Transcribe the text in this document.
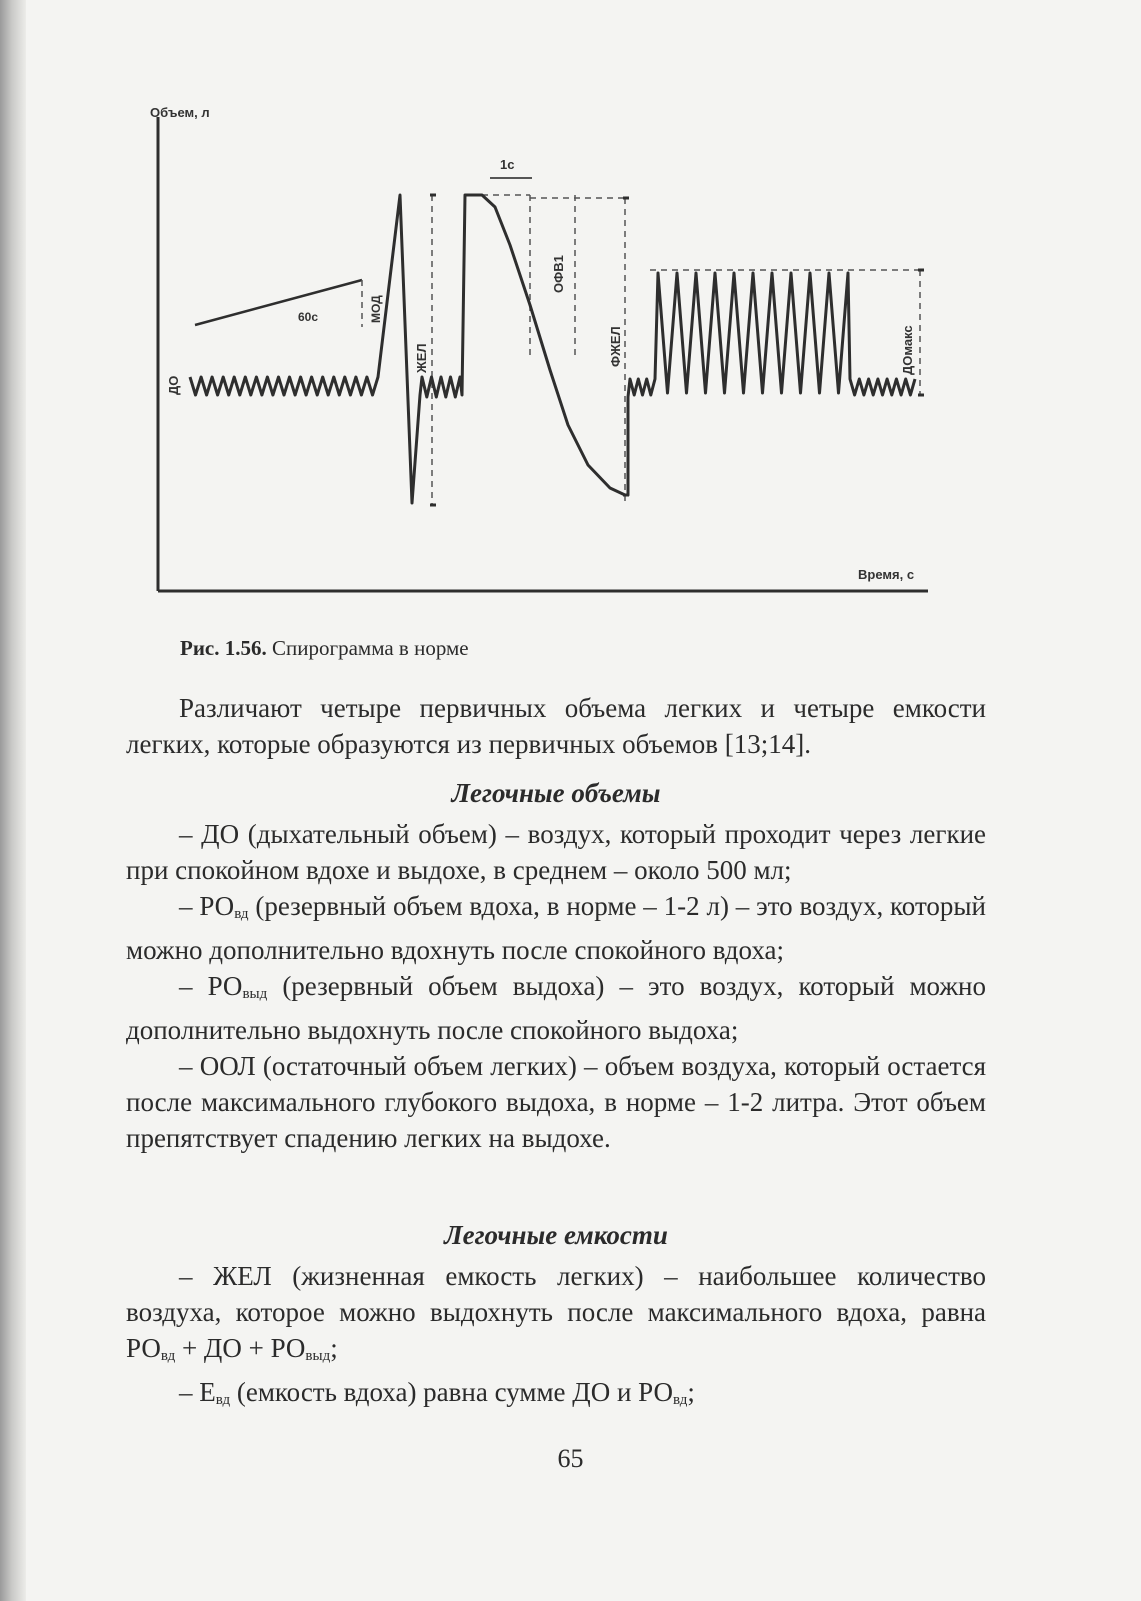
Объем, л
Время, с
1с
60с
ДО
МОД
ЖЕЛ
ОФВ1
ФЖЕЛ	ДОмакс
Рис. 1.56. Спирограмма в норме

Различают четыре первичных объема легких и четыре емкости легких, которые образуются из первичных объемов [13;14].

Легочные объемы

– ДО (дыхательный объем) – воздух, который проходит через легкие при спокойном вдохе и выдохе, в среднем – около 500 мл;

– $РО_{вд}$ (резервный объем вдоха, в норме – 1-2 л) – это воздух, который можно дополнительно вдохнуть после спокойного вдоха;

– $РО_{выд}$ (резервный объем выдоха) – это воздух, который можно дополнительно выдохнуть после спокойного выдоха;

– ООЛ (остаточный объем легких) – объем воздуха, который остается после максимального глубокого выдоха, в норме – 1-2 литра. Этот объем препятствует спадению легких на выдохе.

Легочные емкости

– ЖЕЛ (жизненная емкость легких) – наибольшее количество воздуха, которое можно выдохнуть после максимального вдоха, равна $РО_{вд}$ + ДО + $РО_{выд}$;

– $Е_{вд}$ (емкость вдоха) равна сумме ДО и $РО_{вд}$;

65
